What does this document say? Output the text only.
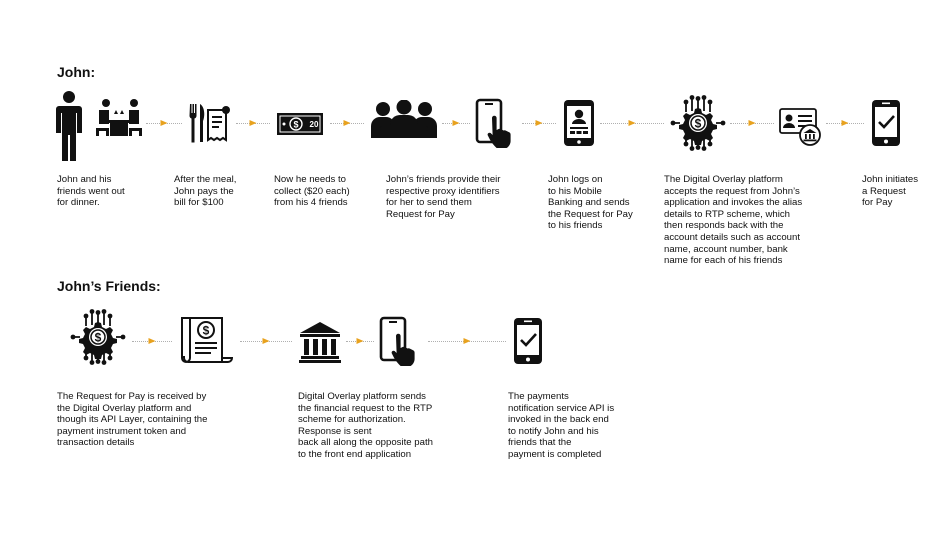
John:
John’s Friends:
$ 20	$

John and his
friends went out
for dinner.

After the meal,
John pays the
bill for $100

Now he needs to
collect ($20 each)
from his 4 friends

John’s friends provide their
respective proxy identifiers
for her to send them
Request for Pay

John logs on
to his Mobile
Banking and sends
the Request for Pay
to his friends

The Digital Overlay platform
accepts the request from John’s
application and invokes the alias
details to RTP scheme, which
then responds back with the
account details such as account
name, account number, bank
name for each of his friends

John initiates
a Request
for Pay

$	$

The Request for Pay is received by
the Digital Overlay platform and
though its API Layer, containing the
payment instrument token and
transaction details

Digital Overlay platform sends
the financial request to the RTP
scheme for authorization.
Response is sent
back all along the opposite path
to the front end application

The payments
notification service API is
invoked in the back end
to notify John and his
friends that the
payment is completed
